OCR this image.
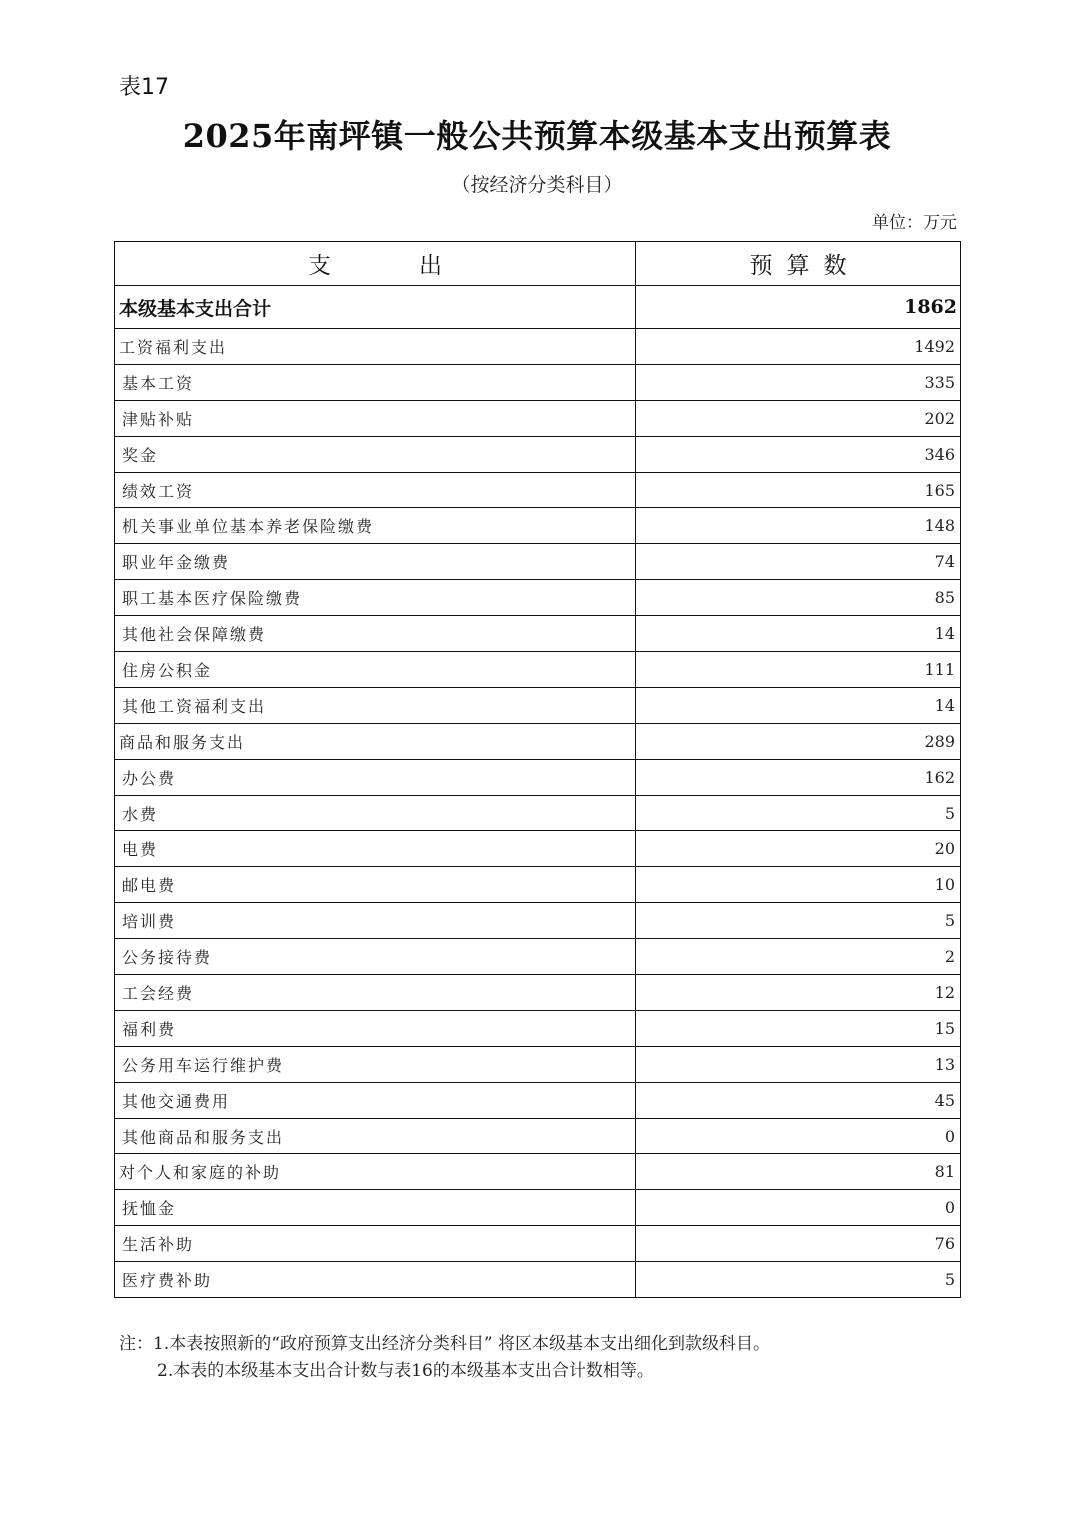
表17
2025年南坪镇一般公共预算本级基本支出预算表
（按经济分类科目）
单位：万元
支出	预算数
本级基本支出合计	1862
工资福利支出	1492
基本工资	335
津贴补贴	202
奖金	346
绩效工资	165
机关事业单位基本养老保险缴费	148
职业年金缴费	74
职工基本医疗保险缴费	85
其他社会保障缴费	14
住房公积金	111
其他工资福利支出	14
商品和服务支出	289
办公费	162
水费	5
电费	20
邮电费	10
培训费	5
公务接待费	2
工会经费	12
福利费	15
公务用车运行维护费	13
其他交通费用	45
其他商品和服务支出	0
对个人和家庭的补助	81
抚恤金	0
生活补助	76
医疗费补助	5
注：1.本表按照新的“政府预算支出经济分类科目” 将区本级基本支出细化到款级科目。
2.本表的本级基本支出合计数与表16的本级基本支出合计数相等。
